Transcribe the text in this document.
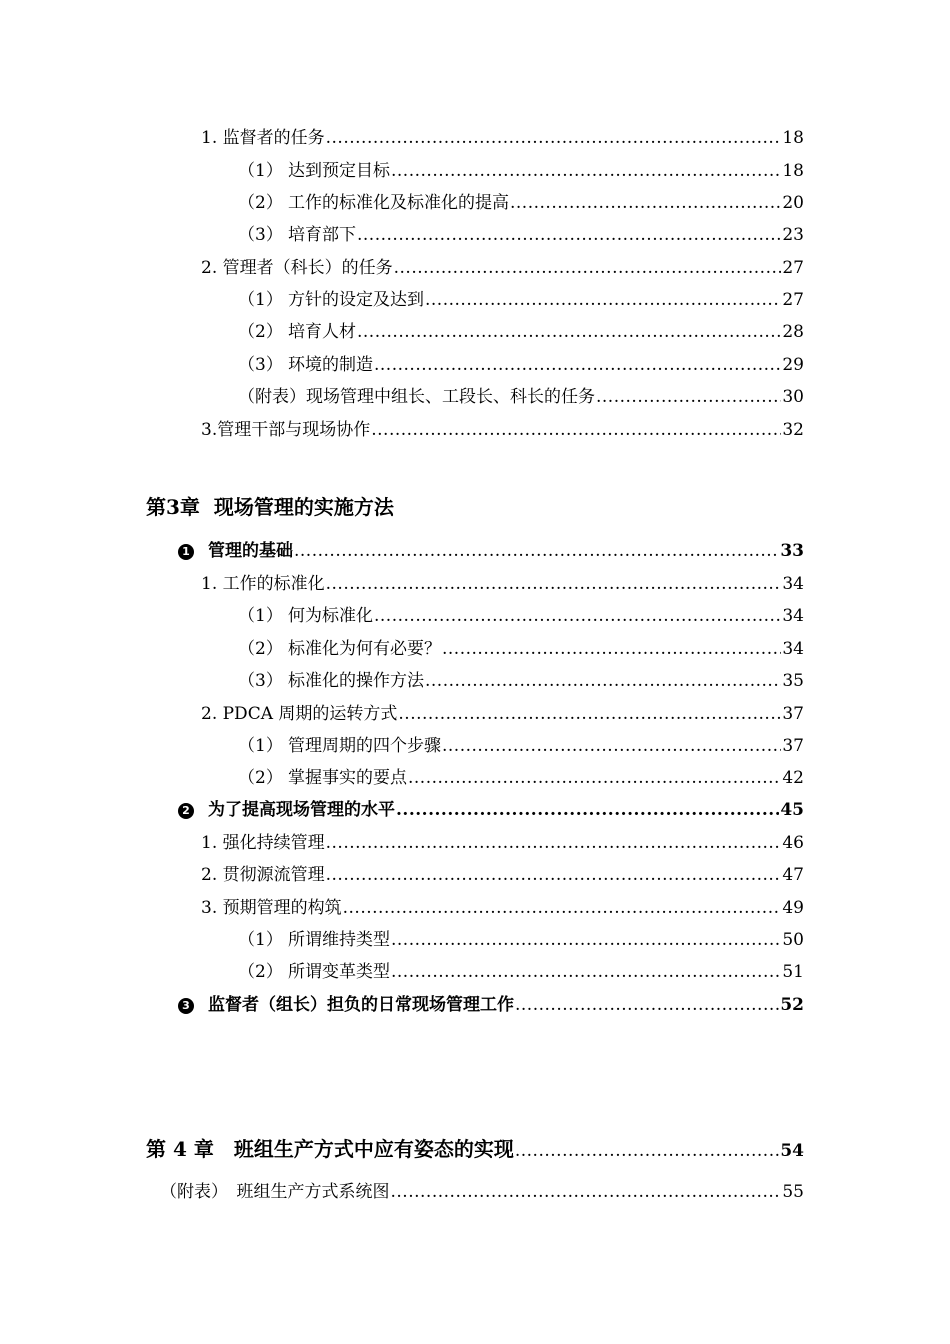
1. 监督者的任务 .....	18
（1） 达到预定目标 .....	18
（2） 工作的标准化及标准化的提高 .....	20
（3） 培育部下 .....	23
2. 管理者（科长）的任务 .....	27
（1） 方针的设定及达到 .....	27
（2） 培育人材 .....	28
（3） 环境的制造 .....	29
（附表）现场管理中组长、工段长、科长的任务 .....	30
3.管理干部与现场协作 .....	32
第3章 现场管理的实施方法
1 管理的基础 .....	33
1. 工作的标准化 .....	34
（1） 何为标准化 .....	34
（2） 标准化为何有必要？ .....	34
（3） 标准化的操作方法 .....	35
2. PDCA 周期的运转方式 .....	37
（1） 管理周期的四个步骤 .....	37
（2） 掌握事实的要点 .....	42
2 为了提高现场管理的水平 .....	45
1. 强化持续管理 .....	46
2. 贯彻源流管理 .....	47
3. 预期管理的构筑 .....	49
（1） 所谓维持类型 .....	50
（2） 所谓变革类型 .....	51
3 监督者（组长）担负的日常现场管理工作 .....	52
第 4 章　班组生产方式中应有姿态的实现 .....	54
（附表）　班组生产方式系统图 .....	55
